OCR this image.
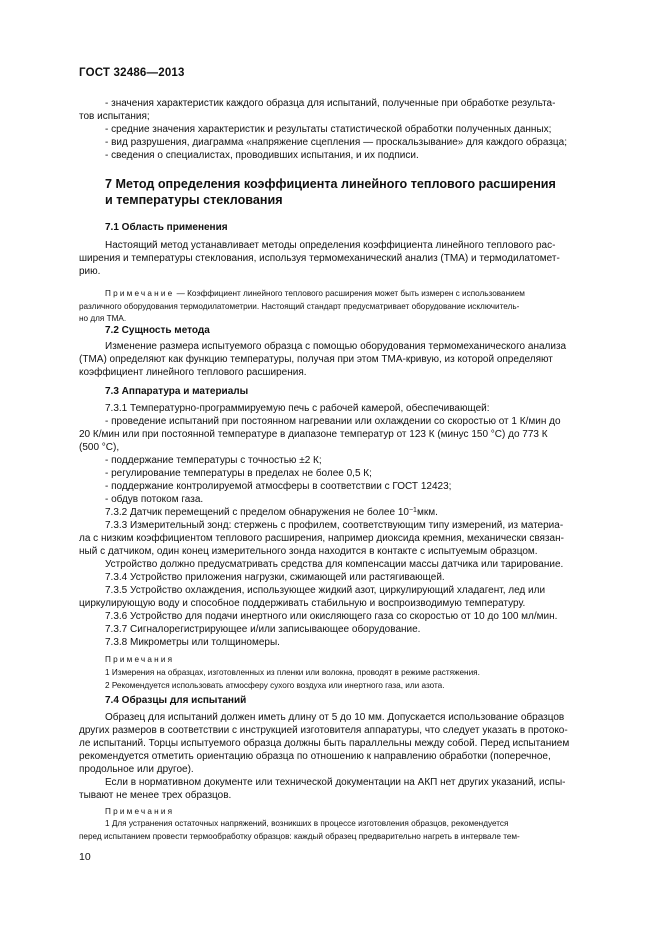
ГОСТ 32486—2013
- значения характеристик каждого образца для испытаний, полученные при обработке результа-
тов испытания;
- средние значения характеристик и результаты статистической обработки полученных данных;
- вид разрушения, диаграмма «напряжение сцепления — проскальзывание» для каждого образца;
- сведения о специалистах, проводивших испытания, и их подписи.
7 Метод определения коэффициента линейного теплового расширения
и температуры стеклования
7.1 Область применения
Настоящий метод устанавливает методы определения коэффициента линейного теплового рас-
ширения и температуры стеклования, используя термомеханический анализ (ТМА) и термодилатомет-
рию.
Примечание — Коэффициент линейного теплового расширения может быть измерен с использованием
различного оборудования термодилатометрии. Настоящий стандарт предусматривает оборудование исключитель-
но для ТМА.
7.2 Сущность метода
Изменение размера испытуемого образца с помощью оборудования термомеханического анализа
(ТМА) определяют как функцию температуры, получая при этом ТМА-кривую, из которой определяют
коэффициент линейного теплового расширения.
7.3 Аппаратура и материалы
7.3.1 Температурно-программируемую печь с рабочей камерой, обеспечивающей:
- проведение испытаний при постоянном нагревании или охлаждении со скоростью от 1 К/мин до
20 К/мин или при постоянной температуре в диапазоне температур от 123 К (минус 150 °C) до 773 К
(500 °C),
- поддержание температуры с точностью ±2 К;
- регулирование температуры в пределах не более 0,5 К;
- поддержание контролируемой атмосферы в соответствии с ГОСТ 12423;
- обдув потоком газа.
7.3.2 Датчик перемещений с пределом обнаружения не более $10^{-1}мкм$.
7.3.3 Измерительный зонд: стержень с профилем, соответствующим типу измерений, из материа-
ла с низким коэффициентом теплового расширения, например диоксида кремния, механически связан-
ный с датчиком, один конец измерительного зонда находится в контакте с испытуемым образцом.
Устройство должно предусматривать средства для компенсации массы датчика или тарирование.
7.3.4 Устройство приложения нагрузки, сжимающей или растягивающей.
7.3.5 Устройство охлаждения, использующее жидкий азот, циркулирующий хладагент, лед или
циркулирующую воду и способное поддерживать стабильную и воспроизводимую температуру.
7.3.6 Устройство для подачи инертного или окисляющего газа со скоростью от 10 до 100 мл/мин.
7.3.7 Сигналорегистрирующее и/или записывающее оборудование.
7.3.8 Микрометры или толщиномеры.
Примечания
1 Измерения на образцах, изготовленных из пленки или волокна, проводят в режиме растяжения.
2 Рекомендуется использовать атмосферу сухого воздуха или инертного газа, или азота.
7.4 Образцы для испытаний
Образец для испытаний должен иметь длину от 5 до 10 мм. Допускается использование образцов
других размеров в соответствии с инструкцией изготовителя аппаратуры, что следует указать в протоко-
ле испытаний. Торцы испытуемого образца должны быть параллельны между собой. Перед испытанием
рекомендуется отметить ориентацию образца по отношению к направлению обработки (поперечное,
продольное или другое).
Если в нормативном документе или технической документации на АКП нет других указаний, испы-
тывают не менее трех образцов.
Примечания
1 Для устранения остаточных напряжений, возникших в процессе изготовления образцов, рекомендуется
перед испытанием провести термообработку образцов: каждый образец предварительно нагреть в интервале тем-
10
